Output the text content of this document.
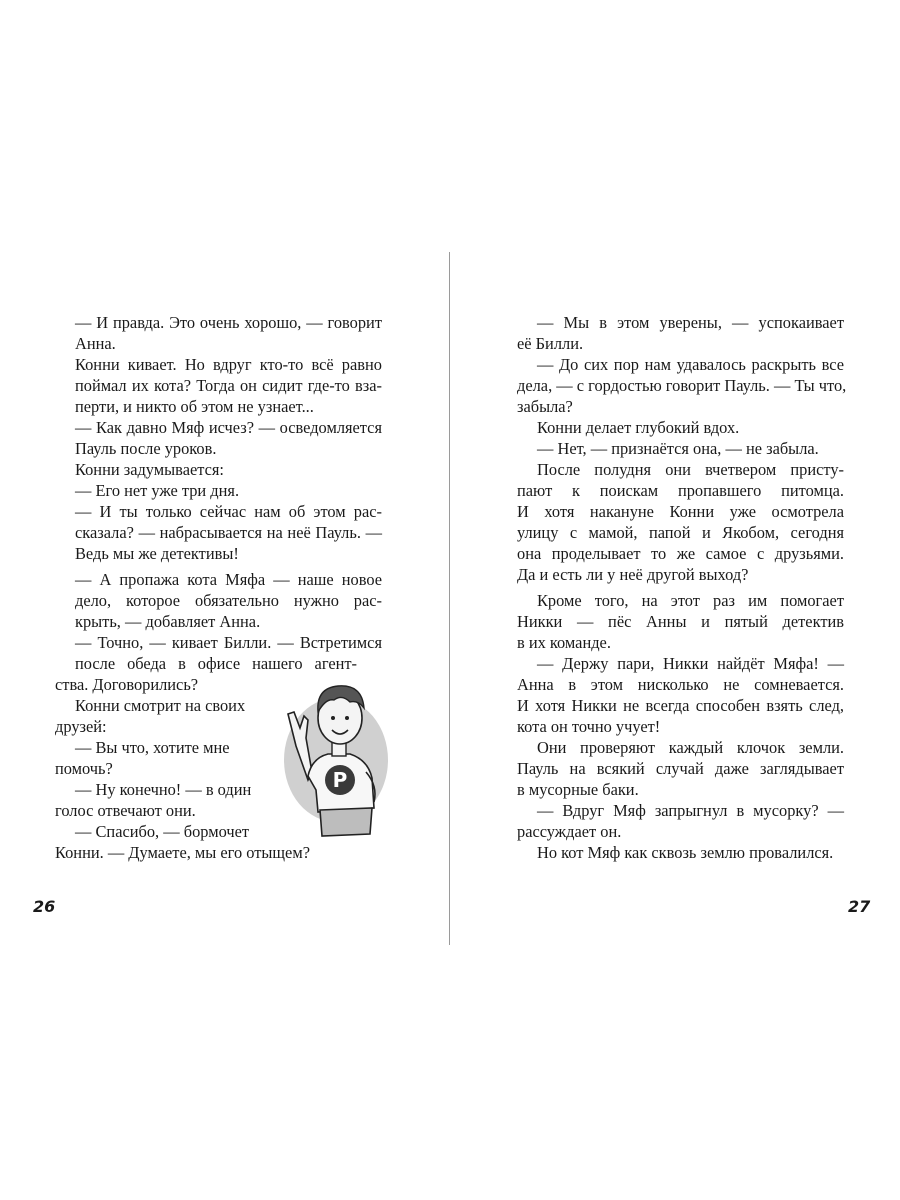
— И правда. Это очень хорошо, — говорит
Анна.
Конни кивает. Но вдруг кто-то всё равно
поймал их кота? Тогда он сидит где-то вза-
перти, и никто об этом не узнает...
— Как давно Мяф исчез? — осведомляется
Пауль после уроков.
Конни задумывается:
— Его нет уже три дня.
— И ты только сейчас нам об этом рас-
сказала? — набрасывается на неё Пауль. —
Ведь мы же детективы!
— А пропажа кота Мяфа — наше новое
дело, которое обязательно нужно рас-
крыть, — добавляет Анна.
— Точно, — кивает Билли. — Встретимся
после обеда в офисе нашего агент-
ства. Договорились?
Конни смотрит на своих
друзей:
— Вы что, хотите мне
помочь?
— Ну конечно! — в один
голос отвечают они.
— Спасибо, — бормочет
Конни. — Думаете, мы его отыщем?
P
26
— Мы в этом уверены, — успокаивает
её Билли.
— До сих пор нам удавалось раскрыть все
дела, — с гордостью говорит Пауль. — Ты что,
забыла?
Конни делает глубокий вдох.
— Нет, — признаётся она, — не забыла.
После полудня они вчетвером присту-
пают к поискам пропавшего питомца.
И хотя накануне Конни уже осмотрела
улицу с мамой, папой и Якобом, сегодня
она проделывает то же самое с друзьями.
Да и есть ли у неё другой выход?
Кроме того, на этот раз им помогает
Никки — пёс Анны и пятый детектив
в их команде.
— Держу пари, Никки найдёт Мяфа! —
Анна в этом нисколько не сомневается.
И хотя Никки не всегда способен взять след,
кота он точно учует!
Они проверяют каждый клочок земли.
Пауль на всякий случай даже заглядывает
в мусорные баки.
— Вдруг Мяф запрыгнул в мусорку? —
рассуждает он.
Но кот Мяф как сквозь землю провалился.
27
